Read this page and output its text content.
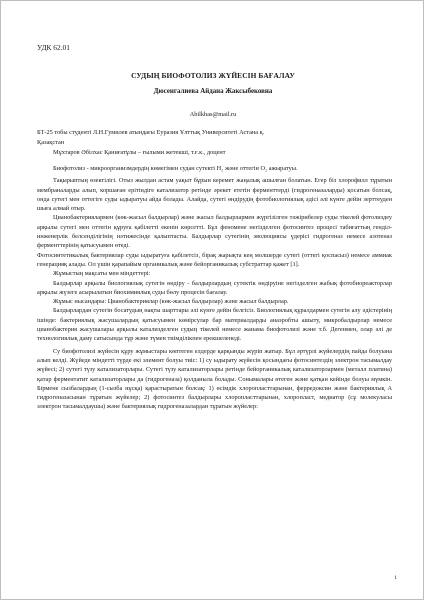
УДК 62.01
СУДЫҢ БИОФОТОЛИЗ ЖҮЙЕСІН БАҒАЛАУ
Дюсенгалиева Айдана Жаксыбековна
Abilkhas@mail.ru
БТ-25 тобы студенті Л.Н.Гумилев атындағы Еуразия Ұлттық Университеті Астана қ.
Қазақстан
Мұхтаров Әбілхас Қаниғатұлы – ғылыми жетекші, т.ғ.к., доцент

Биофотолиз - микроорганизмдердің көмегімен судан сутекті H₂ және оттегін O₂ ажыратуы.

Тақырыптың өзектілігі. Отыз жылдан астам уақыт бұрын керемет жаңалық ашылған болатын. Егер біз хлорофилл тұратын мембраналарды алып, коршаған ерітіндіге катализатор ретінде әрекет ететін ферменттерді (гидрогеназаларды) қосатын болсақ, онда сутегі мен оттегіге суды ыдыратуы айда болады. Алайда, сутегі өндірудің фотобиологиялық әдісі әлі күнге дейін зерттеуден шыға алмай отыр.

Цианобактериялармен (көк-жасыл балдырлар) және жасыл балдырлармен жүргізілген тәжірибелер суды тікелей фотолиздеу арқылы сутегі мен оттегін құруға қабілетті екенін көрсетті. Бұл феномене негізделген фотосинтез процесі табиғаттың генділ-инженерлік белсенділігінің нәтижесінде қалыптасты. Балдырлар сутегінің эволюциясы үдерісі гидрогеназ немесе азотеназ ферменттерінің қатысуымен өтеді.

Фотосинтетикалық бактериялар суды ыдыратуға қабілетсіз, бірақ жарықта кең молшерде сутегі (оттегі қоспасыз) немесе аммиак генерацияқ алады. Ол үшін қарапайым органикалық және бейорганикалық субстраттар қажет [1].

Жұмыстың мақсаты мен міндеттері:

Балдырлар арқылы биологиялық сутегін өндіру - балдырлардың сутектік өндіруіне негізделген жабық фотобиореакторлар арқылы жүзеге асырылатын биохимиялық суды бөлу процесін бағалау.

Жұмыс нысандары: Цианобактериялар (көк-жасыл балдырлар) және жасыл балдырлар.

Балдырлардан сутегін босатудың нақты шарттары әлі күнге дейін белгісіз. Биологиялық құралдармен сутегін алу әдістерінің ішінде: бактериялық жасушалардың қатысуымен көмірсулар бар материалдарды анаэробты ашыту, микробалдырлар немесе цианобактерия жасушалары арқылы катализделген судың тікелей немесе жанама биофотолизі және т.б. Дегенмен, олар әлі де технологиялық даму сатысында тұр және түмен тиімділікпен ерекшеленеді.

Су биофотолизі жүйесін құру жұмыстары көптеген елдерде қарқынды жүріп жатыр. Бұл әртүрлі жүйелердің пайда болуына алып келді. Жүйеде міндетті түрде екі элемент болуы тиіс: 1) су ыдырату жүйесін қосындағы фотосинтездің электрон тасымалдау жүйесі; 2) сутегі түзу катализаторлары. Сутегі түзу катализаторлары ретінде бейорганикалық катализаторлармен (металл платина) қатар ферментатит катализаторлары да (гидрогеназа) қолданыла болады. Сонымалары өтеген және қатқан кейінде болуы мүмкін. Бірмене сызбалардың (1-сызба нұсқа) қарастыратын болсақ: 1) өсімдік хлоропласттарынан, ферредоксин және бактериялық А гидрогеназасынан тұратын жүйелер; 2) фотосинтез балдырлары хлоропласттарынан, хлоропласт, медиатор (сұ молекуласы электрон тасымалдаушы) және бактериялық гидрогеназалардан тұратын жүйелер:

1
